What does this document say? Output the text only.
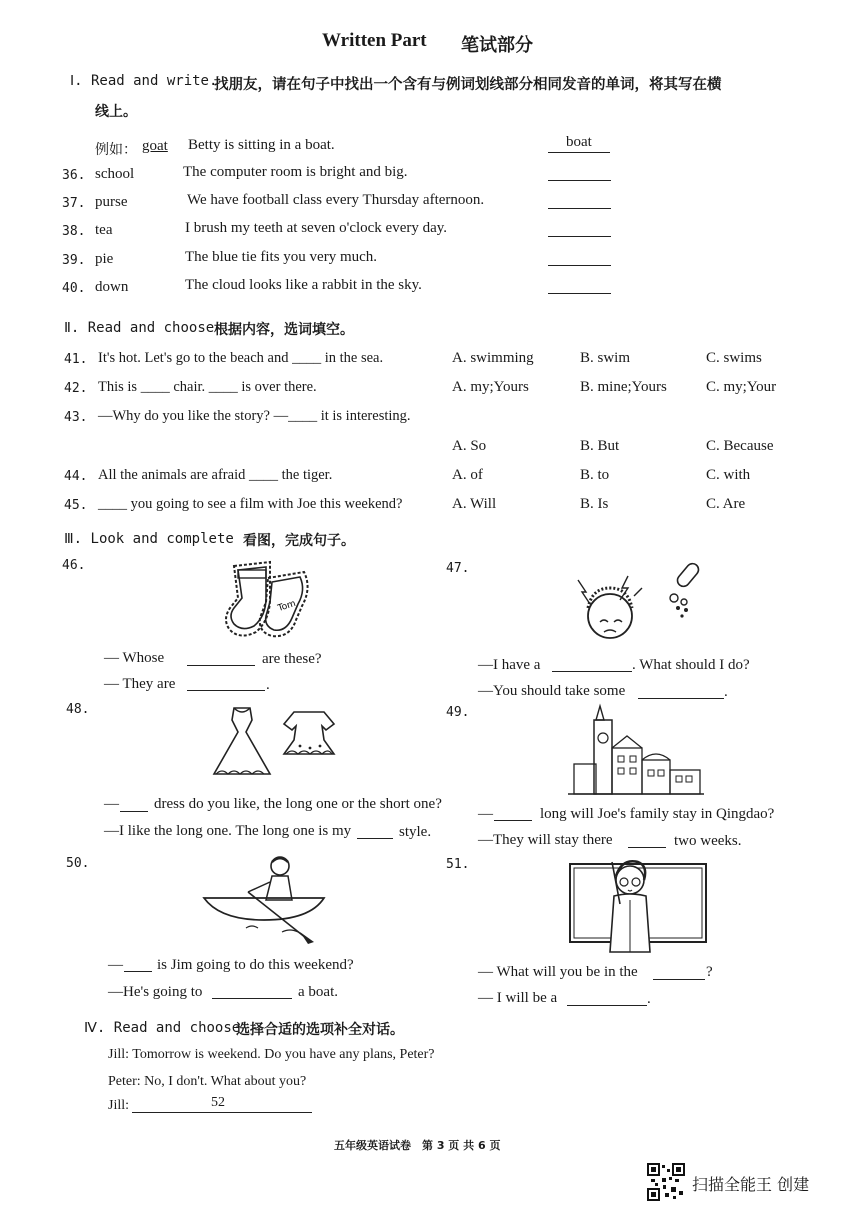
Written Part 笔试部分
Ⅰ. Read and write.
找朋友，请在句子中找出一个含有与例词划线部分相同发音的单词，将其写在横
线上。
例如： goat Betty is sitting in a boat.	boat
36. school	The computer room is bright and big.
37. purse	We have football class every Thursday afternoon.
38. tea	I brush my teeth at seven o'clock every day.
39. pie	The blue tie fits you very much.
40. down	The cloud looks like a rabbit in the sky.
Ⅱ. Read and choose 根据内容，选词填空。
41. It's hot. Let's go to the beach and ____ in the sea.	A. swimming	B. swim	C. swims
42. This is ____ chair. ____ is over there.	A. my;Yours	B. mine;Yours	C. my;Your
43. —Why do you like the story? —____ it is interesting.
A. So	B. But	C. Because
44. All the animals are afraid ____ the tiger.	A. of	B. to	C. with
45. ____ you going to see a film with Joe this weekend?	A. Will	B. Is	C. Are
Ⅲ. Look and complete 看图，完成句子。
46.
Tom
— Whose	are these?
— They are	.
47.
—I have a	. What should I do?
—You should take some	.
48.
— dress do you like, the long one or the short one?
—I like the long one. The long one is my	style.
49.
—	long will Joe's family stay in Qingdao?
—They will stay there	two weeks.
50.
— is Jim going to do this weekend?
—He's going to	a boat.
51.
— What will you be in the	?
— I will be a	.
Ⅳ. Read and choose
选择合适的选项补全对话。
Jill: Tomorrow is weekend. Do you have any plans, Peter?
Peter: No, I don't. What about you?
Jill:	52
五年级英语试卷　第 3 页 共 6 页
扫描全能王 创建
